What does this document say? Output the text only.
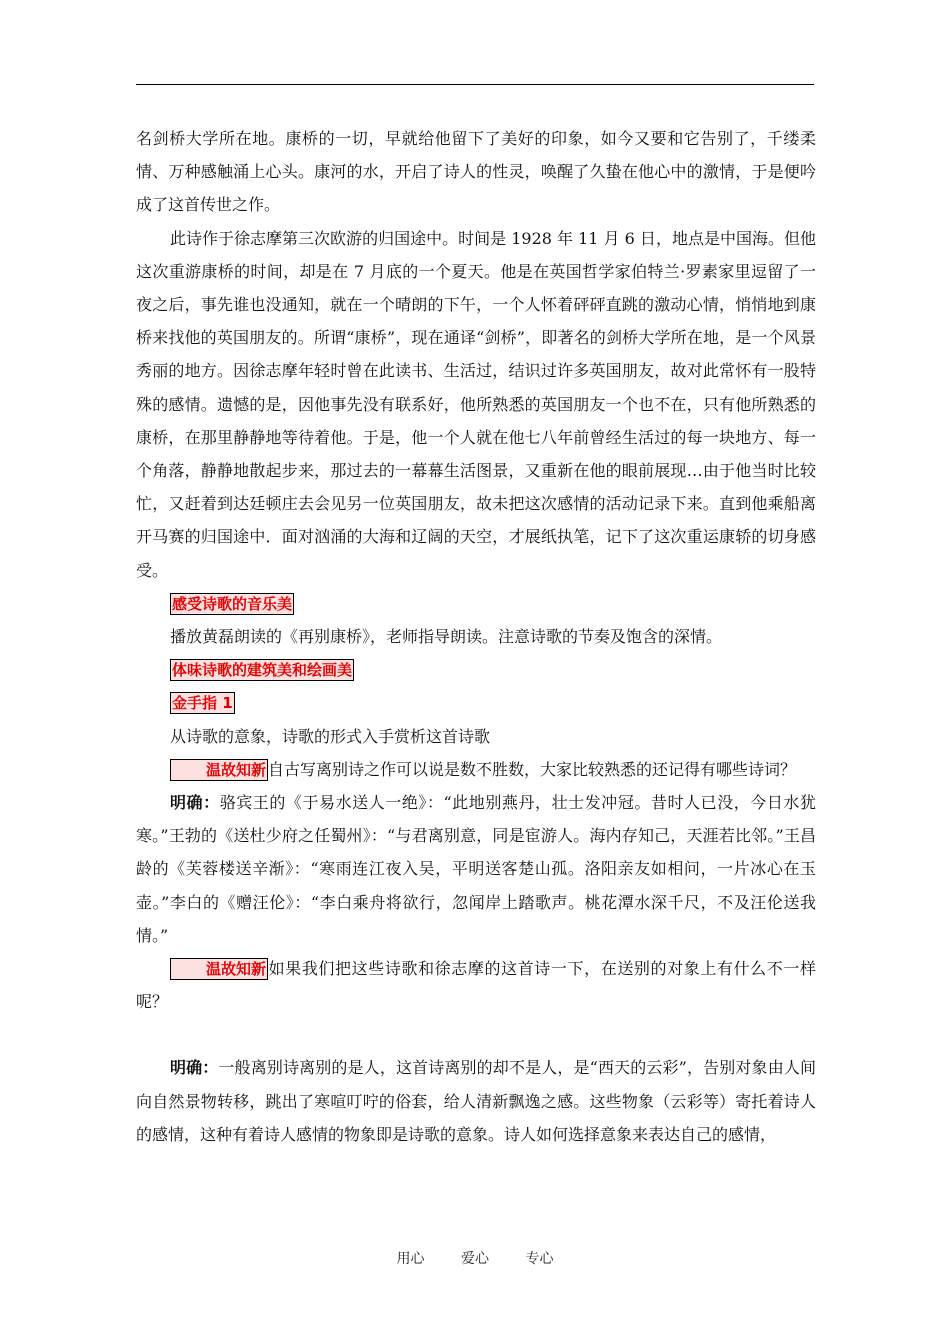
名剑桥大学所在地。康桥的一切，早就给他留下了美好的印象，如今又要和它告别了，千缕柔情、万种感触涌上心头。康河的水，开启了诗人的性灵，唤醒了久蛰在他心中的激情，于是便吟成了这首传世之作。

此诗作于徐志摩第三次欧游的归国途中。时间是 1928 年 11 月 6 日，地点是中国海。但他这次重游康桥的时间，却是在 7 月底的一个夏天。他是在英国哲学家伯特兰·罗素家里逗留了一夜之后，事先谁也没通知，就在一个晴朗的下午，一个人怀着砰砰直跳的激动心情，悄悄地到康桥来找他的英国朋友的。所谓“康桥”，现在通译“剑桥”，即著名的剑桥大学所在地，是一个风景秀丽的地方。因徐志摩年轻时曾在此读书、生活过，结识过许多英国朋友，故对此常怀有一股特殊的感情。遗憾的是，因他事先没有联系好，他所熟悉的英国朋友一个也不在，只有他所熟悉的康桥，在那里静静地等待着他。于是，他一个人就在他七八年前曾经生活过的每一块地方、每一个角落，静静地散起步来，那过去的一幕幕生活图景，又重新在他的眼前展现…由于他当时比较忙，又赶着到达廷顿庄去会见另一位英国朋友，故未把这次感情的活动记录下来。直到他乘船离开马赛的归国途中．面对汹涌的大海和辽阔的天空，才展纸执笔，记下了这次重运康轿的切身感受。

感受诗歌的音乐美

播放黄磊朗读的《再别康桥》，老师指导朗读。注意诗歌的节奏及饱含的深情。

体味诗歌的建筑美和绘画美

金手指 1

从诗歌的意象，诗歌的形式入手赏析这首诗歌

温故知新 自古写离别诗之作可以说是数不胜数，大家比较熟悉的还记得有哪些诗词？

明确：骆宾王的《于易水送人一绝》：“此地别燕丹，壮士发冲冠。昔时人已没，今日水犹寒。”王勃的《送杜少府之任蜀州》：“与君离别意，同是宦游人。海内存知己，天涯若比邻。”王昌龄的《芙蓉楼送辛渐》：“寒雨连江夜入吴，平明送客楚山孤。洛阳亲友如相问，一片冰心在玉壶。”李白的《赠汪伦》：“李白乘舟将欲行，忽闻岸上踏歌声。桃花潭水深千尺，不及汪伦送我情。”

温故知新 如果我们把这些诗歌和徐志摩的这首诗一下，在送别的对象上有什么不一样呢？

明确：一般离别诗离别的是人，这首诗离别的却不是人，是“西天的云彩”，告别对象由人间向自然景物转移，跳出了寒喧叮咛的俗套，给人清新飘逸之感。这些物象（云彩等）寄托着诗人的感情，这种有着诗人感情的物象即是诗歌的意象。诗人如何选择意象来表达自己的感情，

用心	爱心	专心
